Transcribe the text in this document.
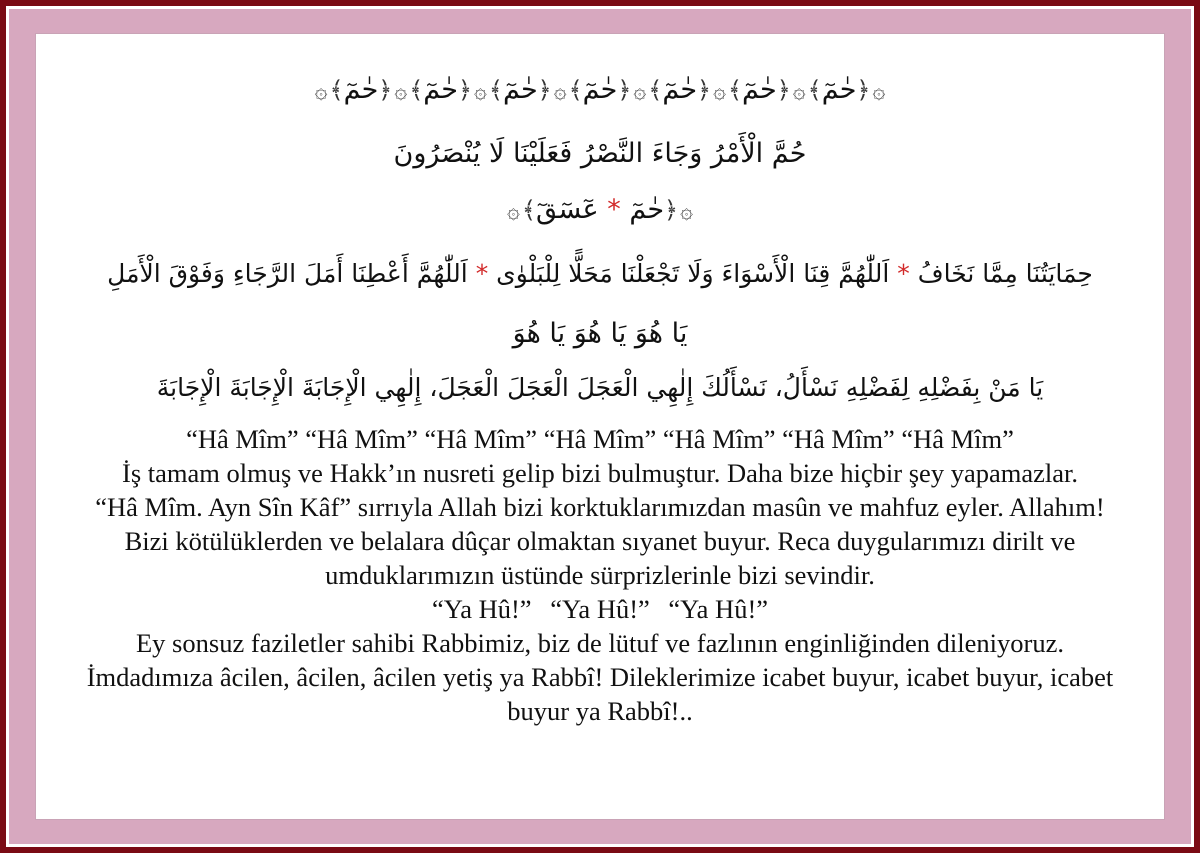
۞﴿حٰمٓ﴾۞﴿حٰمٓ﴾۞﴿حٰمٓ﴾۞﴿حٰمٓ﴾۞﴿حٰمٓ﴾۞﴿حٰمٓ﴾۞﴿حٰمٓ﴾۞
حُمَّ الْأَمْرُ وَجَاءَ النَّصْرُ فَعَلَيْنَا لَا يُنْصَرُونَ
۞﴿حٰمٓ * عٓسٓقٓ﴾۞
حِمَايَتُنَا مِمَّا نَخَافُ * اَللّٰهُمَّ قِنَا الْأَسْوَاءَ وَلَا تَجْعَلْنَا مَحَلًّا لِلْبَلْوٰى * اَللّٰهُمَّ أَعْطِنَا أَمَلَ الرَّجَاءِ وَفَوْقَ الْأَمَلِ
يَا هُوَ يَا هُوَ يَا هُوَ
يَا مَنْ بِفَضْلِهِ لِفَضْلِهِ نَسْأَلُ، نَسْأَلُكَ إِلٰهِي الْعَجَلَ الْعَجَلَ الْعَجَلَ، إِلٰهِي الْإِجَابَةَ الْإِجَابَةَ الْإِجَابَةَ

“Hâ Mîm” “Hâ Mîm” “Hâ Mîm” “Hâ Mîm” “Hâ Mîm” “Hâ Mîm” “Hâ Mîm”

İş tamam olmuş ve Hakk’ın nusreti gelip bizi bulmuştur. Daha bize hiçbir şey yapamazlar.

“Hâ Mîm. Ayn Sîn Kâf” sırrıyla Allah bizi korktuklarımızdan masûn ve mahfuz eyler. Allahım! Bizi kötülüklerden ve belalara dûçar olmaktan sıyanet buyur. Reca duygularımızı dirilt ve umduklarımızın üstünde sürprizlerinle bizi sevindir.

“Ya Hû!” “Ya Hû!” “Ya Hû!”

Ey sonsuz faziletler sahibi Rabbimiz, biz de lütuf ve fazlının enginliğinden dileniyoruz. İmdadımıza âcilen, âcilen, âcilen yetiş ya Rabbî! Dileklerimize icabet buyur, icabet buyur, icabet buyur ya Rabbî!..
